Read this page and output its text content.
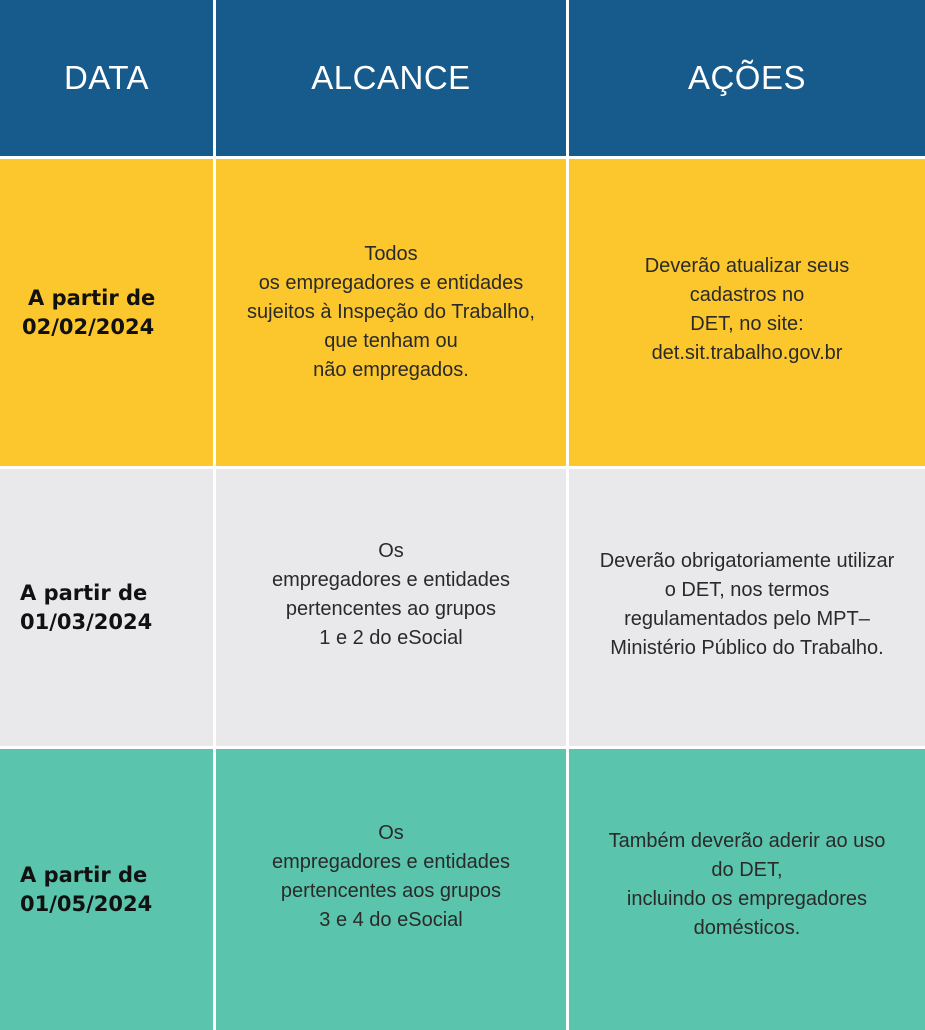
DATA	ALCANCE	AÇÕES
A partir de
02/02/2024
Todos
os empregadores e entidades
sujeitos à Inspeção do Trabalho,
que tenham ou
não empregados.
Deverão atualizar seus
cadastros no
DET, no site:
det.sit.trabalho.gov.br
A partir de
01/03/2024
Os
empregadores e entidades
pertencentes ao grupos
1 e 2 do eSocial
Deverão obrigatoriamente utilizar
o DET, nos termos
regulamentados pelo MPT–
Ministério Público do Trabalho.
A partir de
01/05/2024
Os
empregadores e entidades
pertencentes aos grupos
3 e 4 do eSocial
Também deverão aderir ao uso
do DET,
incluindo os empregadores
domésticos.
